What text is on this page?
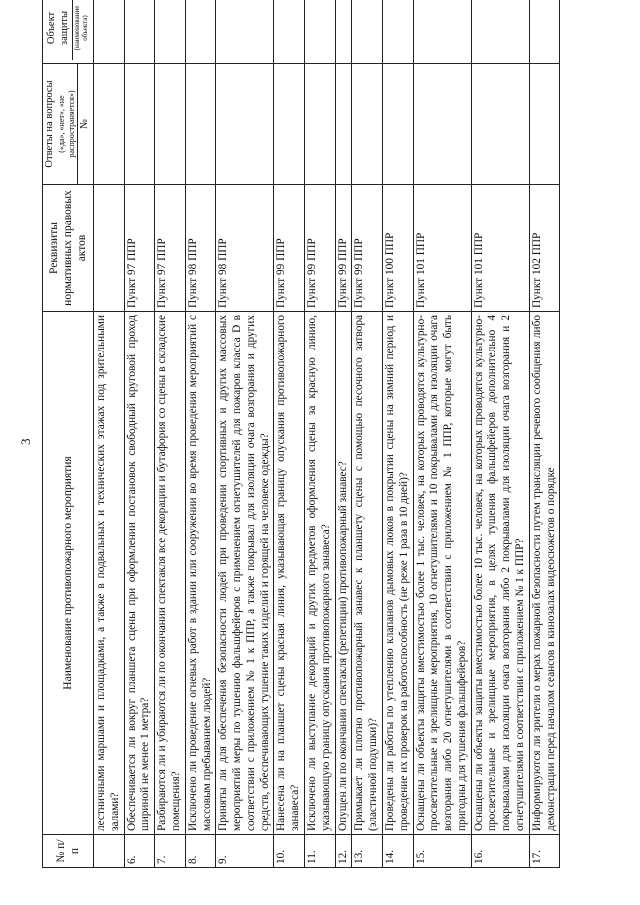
3
№ п/п	Наименование противопожарного мероприятия	Реквизиты нормативных правовых актов	Ответы на вопросы («да», «нет», «не распространяется»)	Объект защиты (наименование объекта)

			№	
	лестничными маршами и площадками, а также в подвальных и технических этажах под зрительными залами?			
6.	Обеспечивается ли вокруг планшета сцены при оформлении постановок свободный круговой проход шириной не менее 1 метра?	Пункт 97 ППР		
7.	Разбираются ли и убираются ли по окончании спектакля все декорации и бутафория со сцены в складские помещения?	Пункт 97 ППР		
8.	Исключено ли проведение огневых работ в здании или сооружении во время проведения мероприятий с массовым пребыванием людей?	Пункт 98 ППР		
9.	Приняты ли для обеспечения безопасности людей при проведении спортивных и других массовых мероприятий меры по тушению фальшфейеров с применением огнетушителей для пожаров класса D в соответствии с приложением № 1 к ППР, а также покрывал для изоляции очага возгорания и других средств, обеспечивающих тушение таких изделий и горящей на человеке одежды?	Пункт 98 ППР		
10.	Нанесена ли на планшет сцены красная линия, указывающая границу опускания противопожарного занавеса?	Пункт 99 ППР		
11.	Исключено ли выступание декораций и других предметов оформления сцены за красную линию, указывающую границу опускания противопожарного занавеса?	Пункт 99 ППР		
12.	Опущен ли по окончании спектакля (репетиции) противопожарный занавес?	Пункт 99 ППР		
13.	Примыкает ли плотно противопожарный занавес к планшету сцены с помощью песочного затвора (эластичной подушки)?	Пункт 99 ППР		
14.	Проведены ли работы по утеплению клапанов дымовых люков в покрытии сцены на зимний период и проведение их проверок на работоспособность (не реже 1 раза в 10 дней)?	Пункт 100 ППР		
15.	Оснащены ли объекты защиты вместимостью более 1 тыс. человек, на которых проводятся культурно-просветительные и зрелищные мероприятия, 10 огнетушителями и 10 покрывалами для изоляции очага возгорания либо 20 огнетушителями в соответствии с приложением № 1 ППР, которые могут быть пригодны для тушения фальшфейеров?	Пункт 101 ППР		
16.	Оснащены ли объекты защиты вместимостью более 10 тыс. человек, на которых проводятся культурно-просветительные и зрелищные мероприятия, в целях тушения фальшфейеров дополнительно 4 покрывалами для изоляции очага возгорания либо 2 покрывалами для изоляции очага возгорания и 2 огнетушителями в соответствии с приложением № 1 к ППР?	Пункт 101 ППР		
17.	Информируются ли зрители о мерах пожарной безопасности путем трансляции речевого сообщения либо демонстрации перед началом сеансов в кинозалах видеосюжетов о порядке	Пункт 102 ППР		
